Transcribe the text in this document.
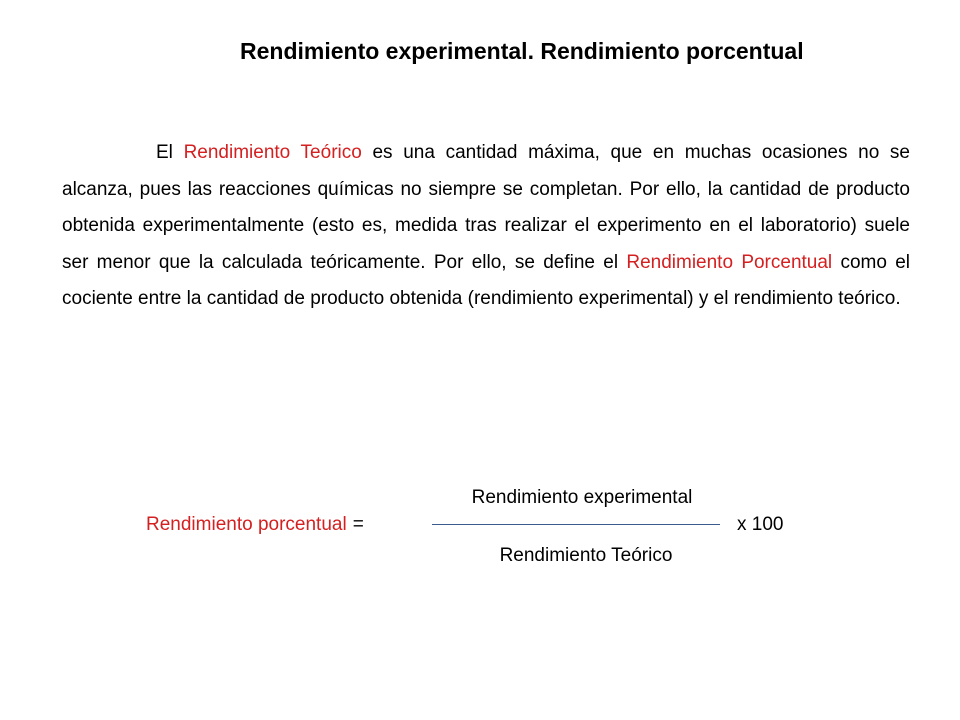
Rendimiento experimental. Rendimiento porcentual

El Rendimiento Teórico es una cantidad máxima, que en muchas ocasiones no se alcanza, pues las reacciones químicas no siempre se completan. Por ello, la cantidad de producto obtenida experimentalmente (esto es, medida tras realizar el experimento en el laboratorio) suele ser menor que la calculada teóricamente. Por ello, se define el Rendimiento Porcentual como el cociente entre la cantidad de producto obtenida (rendimiento experimental) y el rendimiento teórico.

Rendimiento porcentual =
Rendimiento experimental
Rendimiento Teórico
x 100
